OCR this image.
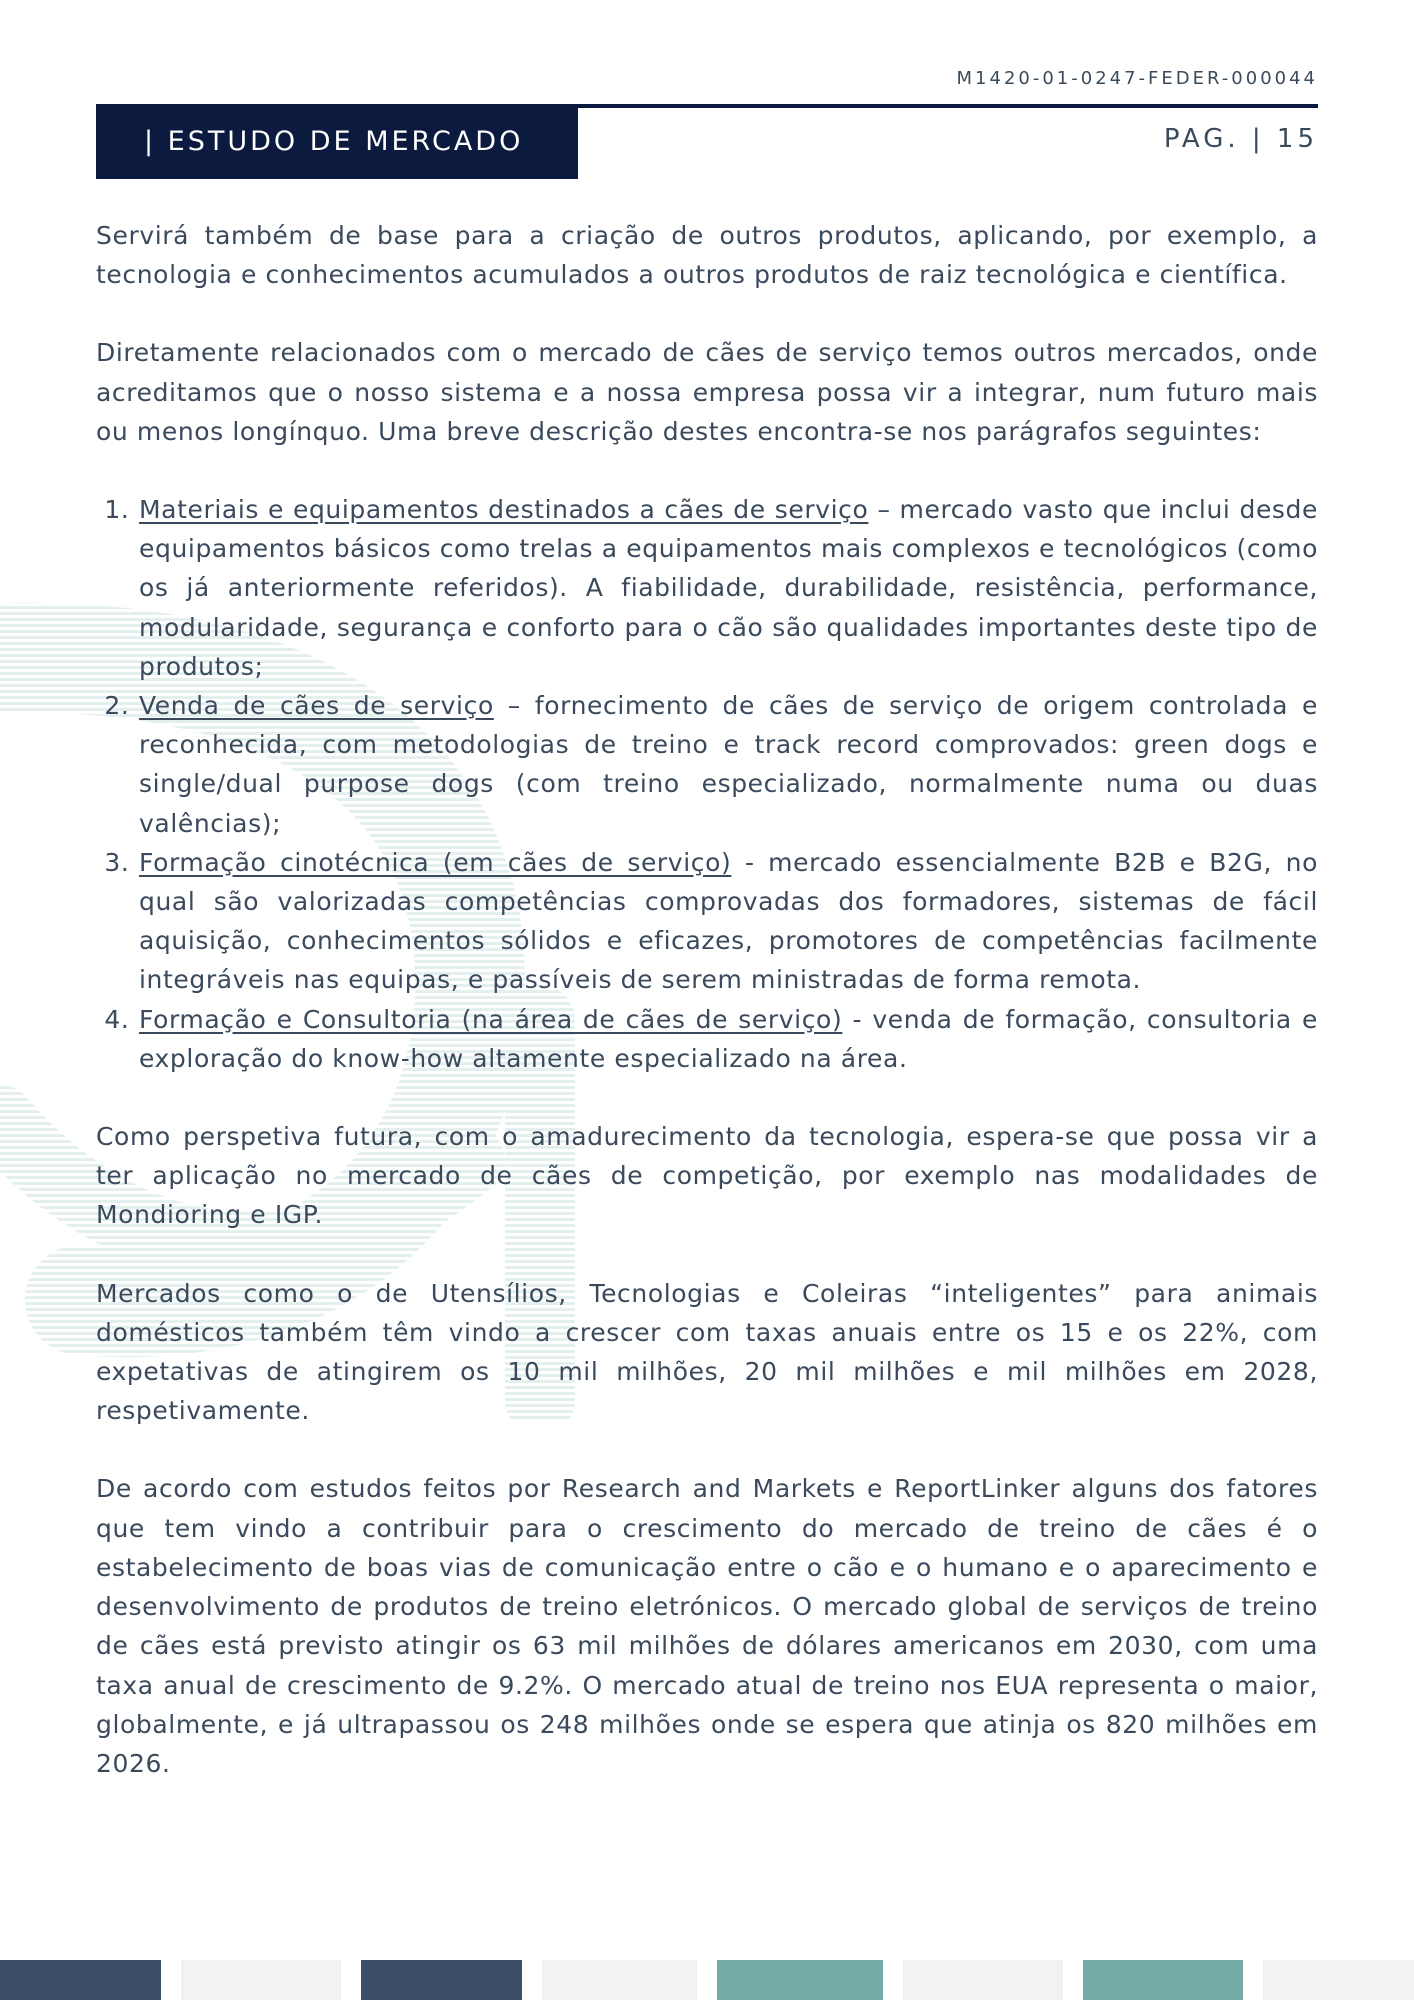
M1420-01-0247-FEDER-000044
| ESTUDO DE MERCADO	PAG. | 15

Servirá também de base para a criação de outros produtos, aplicando, por exemplo, a tecnologia e conhecimentos acumulados a outros produtos de raiz tecnológica e científica.

Diretamente relacionados com o mercado de cães de serviço temos outros mercados, onde acreditamos que o nosso sistema e a nossa empresa possa vir a integrar, num futuro mais ou menos longínquo. Uma breve descrição destes encontra-se nos parágrafos seguintes:

1. Materiais e equipamentos destinados a cães de serviço – mercado vasto que inclui desde equipamentos básicos como trelas a equipamentos mais complexos e tecnológicos (como os já anteriormente referidos). A fiabilidade, durabilidade, resistência, performance, modularidade, segurança e conforto para o cão são qualidades importantes deste tipo de produtos;
2. Venda de cães de serviço – fornecimento de cães de serviço de origem controlada e reconhecida, com metodologias de treino e track record comprovados: green dogs e single/dual purpose dogs (com treino especializado, normalmente numa ou duas valências);
3. Formação cinotécnica (em cães de serviço) - mercado essencialmente B2B e B2G, no qual são valorizadas competências comprovadas dos formadores, sistemas de fácil aquisição, conhecimentos sólidos e eficazes, promotores de competências facilmente integráveis nas equipas, e passíveis de serem ministradas de forma remota.
4. Formação e Consultoria (na área de cães de serviço) - venda de formação, consultoria e exploração do know-how altamente especializado na área.

Como perspetiva futura, com o amadurecimento da tecnologia, espera-se que possa vir a ter aplicação no mercado de cães de competição, por exemplo nas modalidades de Mondioring e IGP.

Mercados como o de Utensílios, Tecnologias e Coleiras “inteligentes” para animais domésticos também têm vindo a crescer com taxas anuais entre os 15 e os 22%, com expetativas de atingirem os 10 mil milhões, 20 mil milhões e mil milhões em 2028, respetivamente.

De acordo com estudos feitos por Research and Markets e ReportLinker alguns dos fatores que tem vindo a contribuir para o crescimento do mercado de treino de cães é o estabelecimento de boas vias de comunicação entre o cão e o humano e o aparecimento e desenvolvimento de produtos de treino eletrónicos. O mercado global de serviços de treino de cães está previsto atingir os 63 mil milhões de dólares americanos em 2030, com uma taxa anual de crescimento de 9.2%. O mercado atual de treino nos EUA representa o maior, globalmente, e já ultrapassou os 248 milhões onde se espera que atinja os 820 milhões em 2026.
